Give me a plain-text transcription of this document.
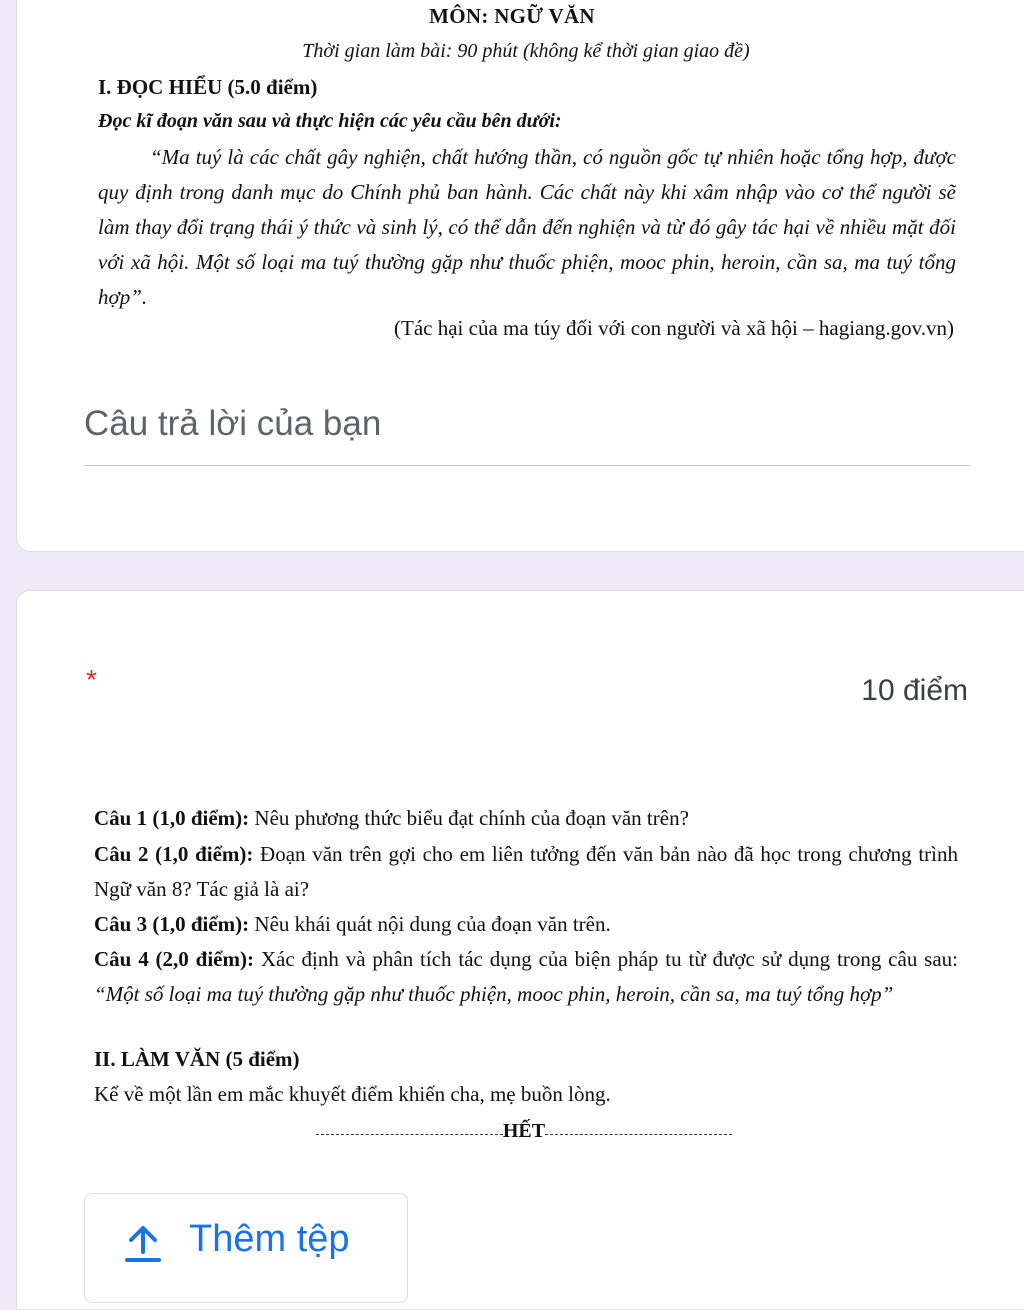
MÔN: NGỮ VĂN

Thời gian làm bài: 90 phút (không kể thời gian giao đề)

I. ĐỌC HIỂU (5.0 điểm)

Đọc kĩ đoạn văn sau và thực hiện các yêu cầu bên dưới:

“Ma tuý là các chất gây nghiện, chất hướng thần, có nguồn gốc tự nhiên hoặc tổng hợp, được quy định trong danh mục do Chính phủ ban hành. Các chất này khi xâm nhập vào cơ thể người sẽ làm thay đổi trạng thái ý thức và sinh lý, có thể dẫn đến nghiện và từ đó gây tác hại về nhiều mặt đối với xã hội. Một số loại ma tuý thường gặp như thuốc phiện, mooc phin, heroin, cần sa, ma tuý tổng hợp”.

(Tác hại của ma túy đối với con người và xã hội – hagiang.gov.vn)

Câu trả lời của bạn
*	10 điểm

Câu 1 (1,0 điểm): Nêu phương thức biểu đạt chính của đoạn văn trên?

Câu 2 (1,0 điểm): Đoạn văn trên gợi cho em liên tưởng đến văn bản nào đã học trong chương trình Ngữ văn 8? Tác giả là ai?

Câu 3 (1,0 điểm): Nêu khái quát nội dung của đoạn văn trên.

Câu 4 (2,0 điểm): Xác định và phân tích tác dụng của biện pháp tu từ được sử dụng trong câu sau: “Một số loại ma tuý thường gặp như thuốc phiện, mooc phin, heroin, cần sa, ma tuý tổng hợp”

II. LÀM VĂN (5 điểm)

Kể về một lần em mắc khuyết điểm khiến cha, mẹ buồn lòng.

HẾT
Thêm tệp
